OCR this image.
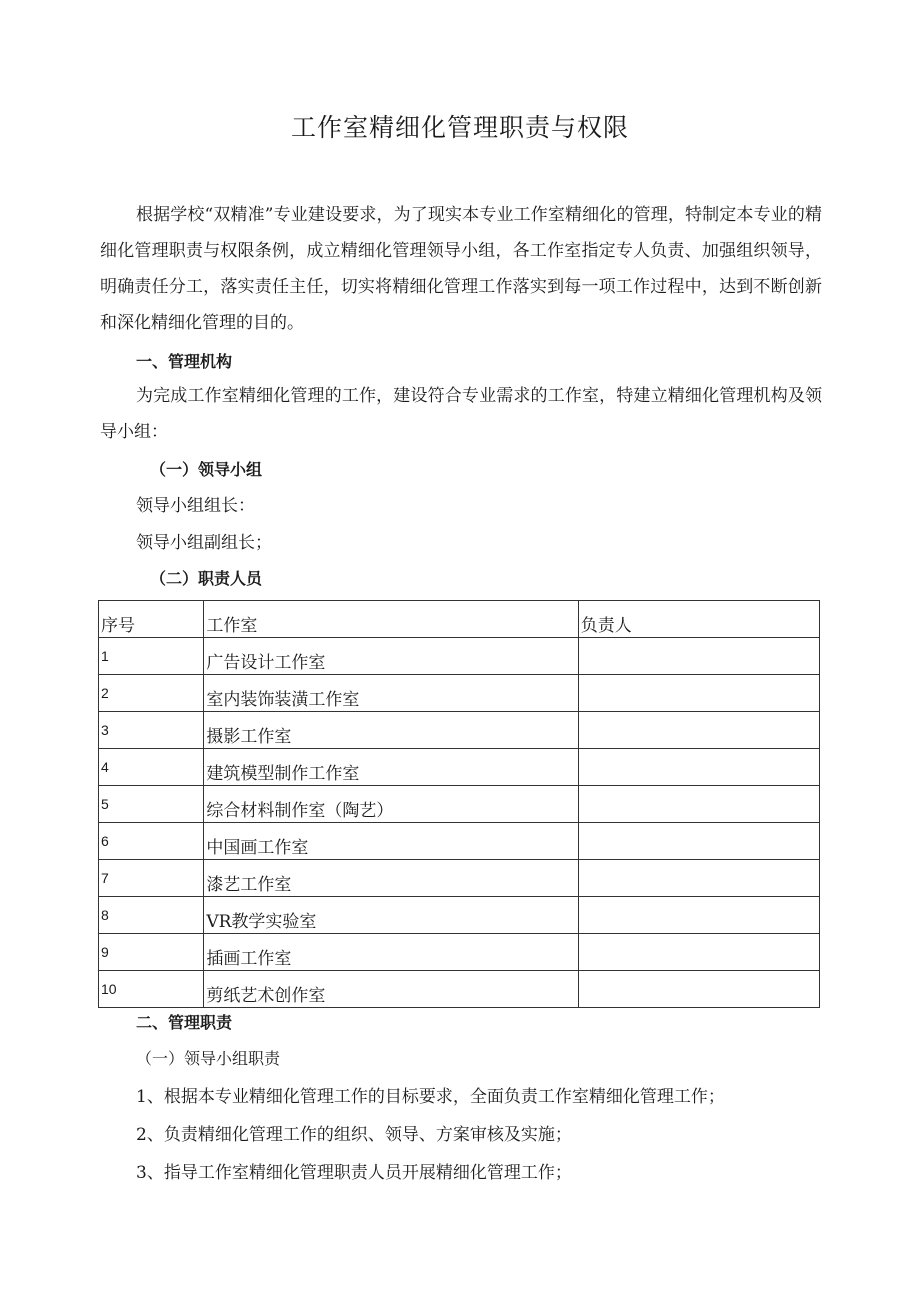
工作室精细化管理职责与权限
根据学校“双精准”专业建设要求，为了现实本专业工作室精细化的管理，特制定本专业的精细化管理职责与权限条例，成立精细化管理领导小组，各工作室指定专人负责、加强组织领导，明确责任分工，落实责任主任，切实将精细化管理工作落实到每一项工作过程中，达到不断创新和深化精细化管理的目的。
一、管理机构
为完成工作室精细化管理的工作，建设符合专业需求的工作室，特建立精细化管理机构及领导小组：
（一）领导小组
领导小组组长：
领导小组副组长；
（二）职责人员
序号	工作室	负责人
1	广告设计工作室	
2	室内装饰装潢工作室	
3	摄影工作室	
4	建筑模型制作工作室	
5	综合材料制作室（陶艺）	
6	中国画工作室	
7	漆艺工作室	
8	VR教学实验室	
9	插画工作室	
10	剪纸艺术创作室	
二、管理职责
（一）领导小组职责
1、根据本专业精细化管理工作的目标要求，全面负责工作室精细化管理工作；
2、负责精细化管理工作的组织、领导、方案审核及实施；
3、指导工作室精细化管理职责人员开展精细化管理工作；
